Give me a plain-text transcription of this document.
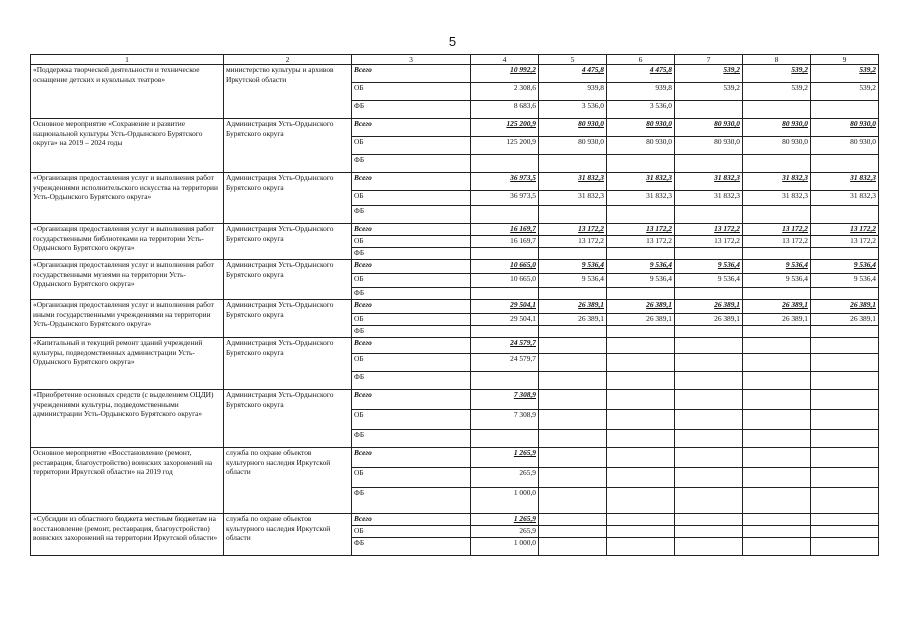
5
1	2	3	4	5	6	7	8	9
«Поддержка творческой деятельности и техническое оснащение детских и кукольных театров»	министерство культуры и архивов Иркутской области	Всего	10 992,2	4 475,8	4 475,8	539,2	539,2	539,2
		ОБ	2 308,6	939,8	939,8	539,2	539,2	539,2
		ФБ	8 683,6	3 536,0	3 536,0			
Основное мероприятие «Сохранение и развитие национальной культуры Усть-Ордынского Бурятского округа» на 2019 – 2024 годы	Администрация Усть-Ордынского Бурятского округа	Всего	125 200,9	80 930,0	80 930,0	80 930,0	80 930,0	80 930,0
		ОБ	125 200,9	80 930,0	80 930,0	80 930,0	80 930,0	80 930,0
		ФБ						
«Организация предоставления услуг и выполнения работ учреждениями исполнительского искусства на территории Усть-Ордынского Бурятского округа»	Администрация Усть-Ордынского Бурятского округа	Всего	36 973,5	31 832,3	31 832,3	31 832,3	31 832,3	31 832,3
		ОБ	36 973,5	31 832,3	31 832,3	31 832,3	31 832,3	31 832,3
		ФБ						
«Организация предоставления услуг и выполнения работ государственными библиотеками на территории Усть-Ордынского Бурятского округа»	Администрация Усть-Ордынского Бурятского округа	Всего	16 169,7	13 172,2	13 172,2	13 172,2	13 172,2	13 172,2
		ОБ	16 169,7	13 172,2	13 172,2	13 172,2	13 172,2	13 172,2
		ФБ						
«Организация предоставления услуг и выполнения работ государственными музеями на территории Усть-Ордынского Бурятского округа»	Администрация Усть-Ордынского Бурятского округа	Всего	10 665,0	9 536,4	9 536,4	9 536,4	9 536,4	9 536,4
		ОБ	10 665,0	9 536,4	9 536,4	9 536,4	9 536,4	9 536,4
		ФБ						
«Организация предоставления услуг и выполнения работ иными государственными учреждениями на территории Усть-Ордынского Бурятского округа»	Администрация Усть-Ордынского Бурятского округа	Всего	29 504,1	26 389,1	26 389,1	26 389,1	26 389,1	26 389,1
		ОБ	29 504,1	26 389,1	26 389,1	26 389,1	26 389,1	26 389,1
		ФБ						
«Капитальный и текущий ремонт зданий учреждений культуры, подведомственных администрации Усть-Ордынского Бурятского округа»	Администрация Усть-Ордынского Бурятского округа	Всего	24 579,7					
		ОБ	24 579,7					
		ФБ						
«Приобретение основных средств (с выделением ОЦДИ) учреждениями культуры, подведомственными администрации Усть-Ордынского Бурятского округа»	Администрация Усть-Ордынского Бурятского округа	Всего	7 308,9					
		ОБ	7 308,9					
		ФБ						
Основное мероприятие «Восстановление (ремонт, реставрация, благоустройство) воинских захоронений на территории Иркутской области» на 2019 год	служба по охране объектов культурного наследия Иркутской области	Всего	1 265,9					
		ОБ	265,9					
		ФБ	1 000,0					
«Субсидии из областного бюджета местным бюджетам на восстановление (ремонт, реставрация, благоустройство) воинских захоронений на территории Иркутской области»	служба по охране объектов культурного наследия Иркутской области	Всего	1 265,9					
		ОБ	265,9					
		ФБ	1 000,0					
